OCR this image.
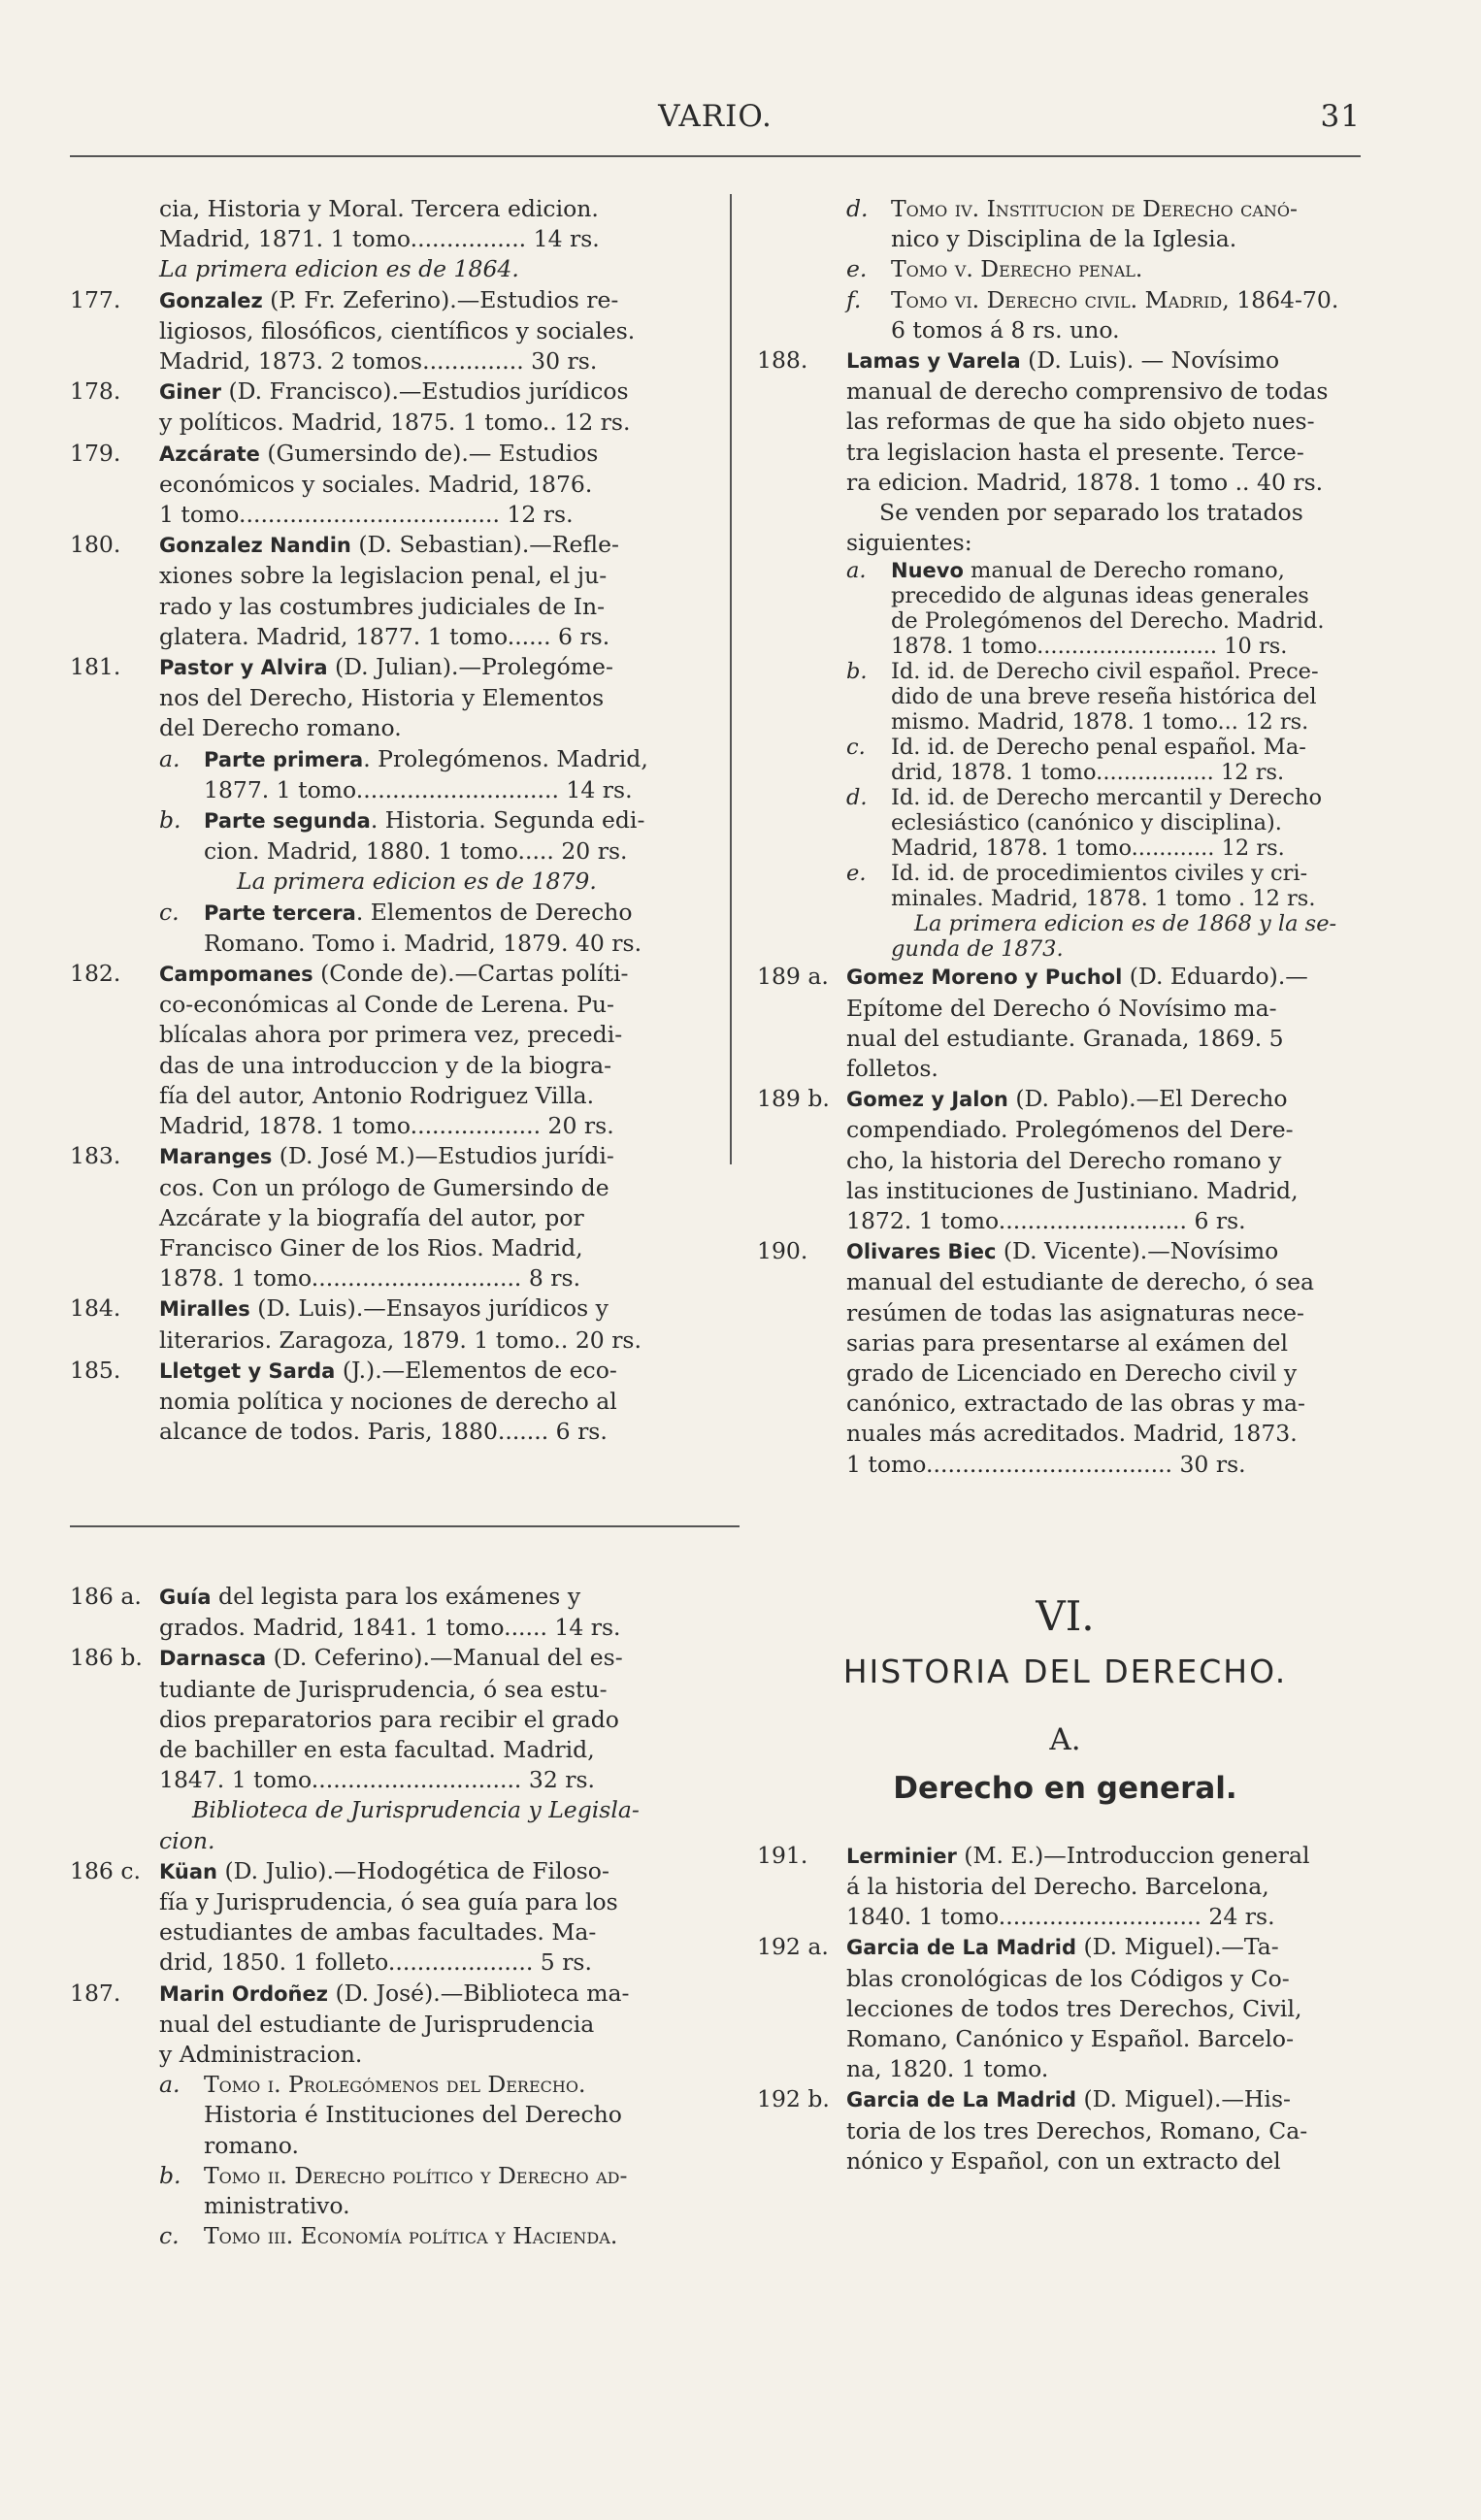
VARIO.	31

cia, Historia y Moral. Tercera edicion.
Madrid, 1871. 1 tomo................ 14 rs.
La primera edicion es de 1864.

177. Gonzalez (P. Fr. Zeferino).—Estudios re-
ligiosos, filosóficos, científicos y sociales.
Madrid, 1873. 2 tomos.............. 30 rs.

178. Giner (D. Francisco).—Estudios jurídicos
y políticos. Madrid, 1875. 1 tomo.. 12 rs.

179. Azcárate (Gumersindo de).— Estudios
económicos y sociales. Madrid, 1876.
1 tomo.................................... 12 rs.

180. Gonzalez Nandin (D. Sebastian).—Refle-
xiones sobre la legislacion penal, el ju-
rado y las costumbres judiciales de In-
glatera. Madrid, 1877. 1 tomo...... 6 rs.

181. Pastor y Alvira (D. Julian).—Prolegóme-
nos del Derecho, Historia y Elementos
del Derecho romano.

a. Parte primera. Prolegómenos. Madrid,
1877. 1 tomo............................ 14 rs.

b. Parte segunda. Historia. Segunda edi-
cion. Madrid, 1880. 1 tomo..... 20 rs.

La primera edicion es de 1879.

c. Parte tercera. Elementos de Derecho
Romano. Tomo i. Madrid, 1879. 40 rs.

182. Campomanes (Conde de).—Cartas políti-
co-económicas al Conde de Lerena. Pu-
blícalas ahora por primera vez, precedi-
das de una introduccion y de la biogra-
fía del autor, Antonio Rodriguez Villa.
Madrid, 1878. 1 tomo.................. 20 rs.

183. Maranges (D. José M.)—Estudios jurídi-
cos. Con un prólogo de Gumersindo de
Azcárate y la biografía del autor, por
Francisco Giner de los Rios. Madrid,
1878. 1 tomo............................. 8 rs.

184. Miralles (D. Luis).—Ensayos jurídicos y
literarios. Zaragoza, 1879. 1 tomo.. 20 rs.

185. Lletget y Sarda (J.).—Elementos de eco-
nomia política y nociones de derecho al
alcance de todos. Paris, 1880....... 6 rs.

186 a. Guía del legista para los exámenes y
grados. Madrid, 1841. 1 tomo...... 14 rs.

186 b. Darnasca (D. Ceferino).—Manual del es-
tudiante de Jurisprudencia, ó sea estu-
dios preparatorios para recibir el grado
de bachiller en esta facultad. Madrid,
1847. 1 tomo............................. 32 rs.
Biblioteca de Jurisprudencia y Legisla-
cion.

186 c. Küan (D. Julio).—Hodogética de Filoso-
fía y Jurisprudencia, ó sea guía para los
estudiantes de ambas facultades. Ma-
drid, 1850. 1 folleto.................... 5 rs.

187. Marin Ordoñez (D. José).—Biblioteca ma-
nual del estudiante de Jurisprudencia
y Administracion.

a. Tomo i. Prolegómenos del Derecho.
Historia é Instituciones del Derecho
romano.

b. Tomo ii. Derecho político y Derecho ad-
ministrativo.

c. Tomo iii. Economía política y Hacienda.

d. Tomo iv. Institucion de Derecho canó-
nico y Disciplina de la Iglesia.

e. Tomo v. Derecho penal.

f. Tomo vi. Derecho civil. Madrid, 1864-70.
6 tomos á 8 rs. uno.

188. Lamas y Varela (D. Luis). — Novísimo
manual de derecho comprensivo de todas
las reformas de que ha sido objeto nues-
tra legislacion hasta el presente. Terce-
ra edicion. Madrid, 1878. 1 tomo .. 40 rs.
Se venden por separado los tratados
siguientes:

a. Nuevo manual de Derecho romano,
precedido de algunas ideas generales
de Prolegómenos del Derecho. Madrid.
1878. 1 tomo.......................... 10 rs.

b. Id. id. de Derecho civil español. Prece-
dido de una breve reseña histórica del
mismo. Madrid, 1878. 1 tomo... 12 rs.

c. Id. id. de Derecho penal español. Ma-
drid, 1878. 1 tomo................. 12 rs.

d. Id. id. de Derecho mercantil y Derecho
eclesiástico (canónico y disciplina).
Madrid, 1878. 1 tomo............ 12 rs.

e. Id. id. de procedimientos civiles y cri-
minales. Madrid, 1878. 1 tomo . 12 rs.
La primera edicion es de 1868 y la se-
gunda de 1873.

189 a. Gomez Moreno y Puchol (D. Eduardo).—
Epítome del Derecho ó Novísimo ma-
nual del estudiante. Granada, 1869. 5
folletos.

189 b. Gomez y Jalon (D. Pablo).—El Derecho
compendiado. Prolegómenos del Dere-
cho, la historia del Derecho romano y
las instituciones de Justiniano. Madrid,
1872. 1 tomo.......................... 6 rs.

190. Olivares Biec (D. Vicente).—Novísimo
manual del estudiante de derecho, ó sea
resúmen de todas las asignaturas nece-
sarias para presentarse al exámen del
grado de Licenciado en Derecho civil y
canónico, extractado de las obras y ma-
nuales más acreditados. Madrid, 1873.
1 tomo.................................. 30 rs.

VI.

HISTORIA DEL DERECHO.

A.

Derecho en general.

191. Lerminier (M. E.)—Introduccion general
á la historia del Derecho. Barcelona,
1840. 1 tomo............................ 24 rs.

192 a. Garcia de La Madrid (D. Miguel).—Ta-
blas cronológicas de los Códigos y Co-
lecciones de todos tres Derechos, Civil,
Romano, Canónico y Español. Barcelo-
na, 1820. 1 tomo.

192 b. Garcia de La Madrid (D. Miguel).—His-
toria de los tres Derechos, Romano, Ca-
nónico y Español, con un extracto del
